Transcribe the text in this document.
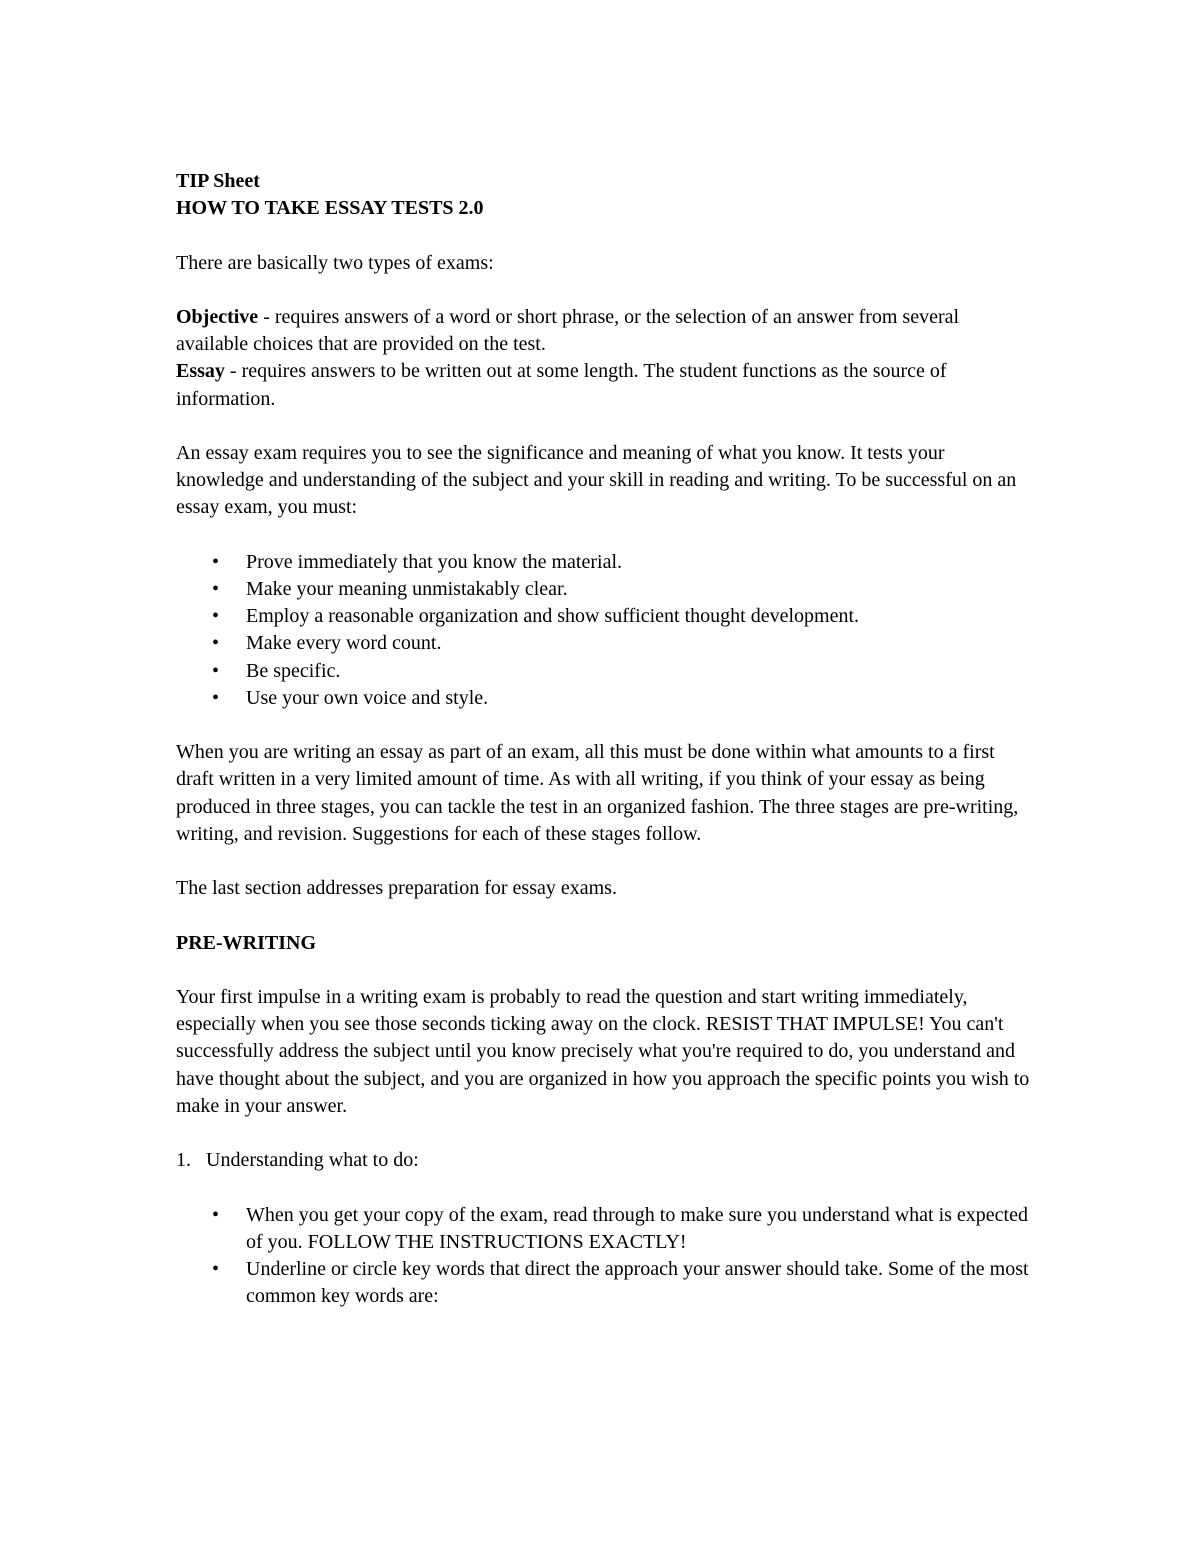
TIP Sheet

HOW TO TAKE ESSAY TESTS 2.0

There are basically two types of exams:

Objective - requires answers of a word or short phrase, or the selection of an answer from several available choices that are provided on the test.

Essay - requires answers to be written out at some length. The student functions as the source of information.

An essay exam requires you to see the significance and meaning of what you know. It tests your knowledge and understanding of the subject and your skill in reading and writing. To be successful on an essay exam, you must:

• Prove immediately that you know the material.
• Make your meaning unmistakably clear.
• Employ a reasonable organization and show sufficient thought development.
• Make every word count.
• Be specific.
• Use your own voice and style.

When you are writing an essay as part of an exam, all this must be done within what amounts to a first draft written in a very limited amount of time. As with all writing, if you think of your essay as being produced in three stages, you can tackle the test in an organized fashion. The three stages are pre-writing, writing, and revision. Suggestions for each of these stages follow.

The last section addresses preparation for essay exams.

PRE-WRITING

Your first impulse in a writing exam is probably to read the question and start writing immediately, especially when you see those seconds ticking away on the clock. RESIST THAT IMPULSE! You can't successfully address the subject until you know precisely what you're required to do, you understand and have thought about the subject, and you are organized in how you approach the specific points you wish to make in your answer.

1. Understanding what to do:

• When you get your copy of the exam, read through to make sure you understand what is expected of you. FOLLOW THE INSTRUCTIONS EXACTLY!
• Underline or circle key words that direct the approach your answer should take. Some of the most common key words are:
